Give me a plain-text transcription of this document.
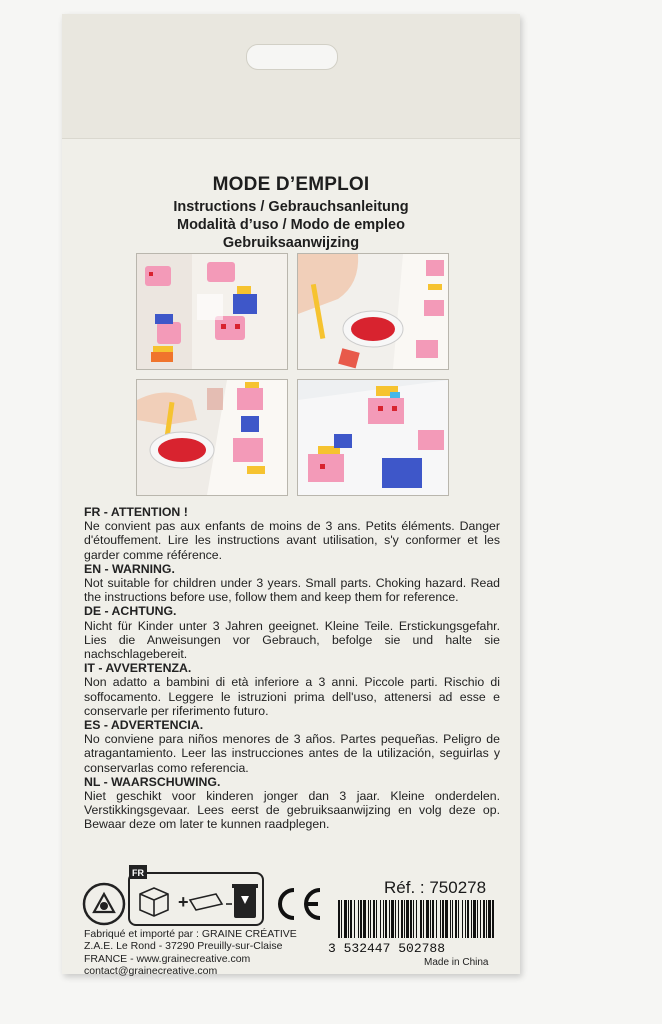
MODE D’EMPLOI
Instructions / Gebrauchsanleitung
Modalità d’uso / Modo de empleo
Gebruiksaanwijzing

FR - ATTENTION !

Ne convient pas aux enfants de moins de 3 ans. Petits éléments. Danger d'étouffement. Lire les instructions avant utilisation, s'y conformer et les garder comme référence.

EN - WARNING.

Not suitable for children under 3 years. Small parts. Choking hazard. Read the instructions before use, follow them and keep them for reference.

DE - ACHTUNG.

Nicht für Kinder unter 3 Jahren geeignet. Kleine Teile. Erstickungsgefahr. Lies die Anweisungen vor Gebrauch, befolge sie und halte sie nachschlagebereit.

IT - AVVERTENZA.

Non adatto a bambini di età inferiore a 3 anni. Piccole parti. Rischio di soffocamento. Leggere le istruzioni prima dell'uso, attenersi ad esse e conservarle per riferimento futuro.

ES - ADVERTENCIA.

No conviene para niños menores de 3 años. Partes pequeñas. Peligro de atragantamiento. Leer las instrucciones antes de la utilización, seguirlas y conservarlas como referencia.

NL - WAARSCHUWING.

Niet geschikt voor kinderen jonger dan 3 jaar. Kleine onderdelen. Verstikkingsgevaar. Lees eerst de gebruiksaanwijzing en volg deze op. Bewaar deze om later te kunnen raadplegen.

FR
+
Réf. : 750278
3 532447 502788
Made in China
Fabriqué et importé par : GRAINE CRÉATIVE
Z.A.E. Le Rond - 37290 Preuilly-sur-Claise
FRANCE - www.grainecreative.com
contact@grainecreative.com
